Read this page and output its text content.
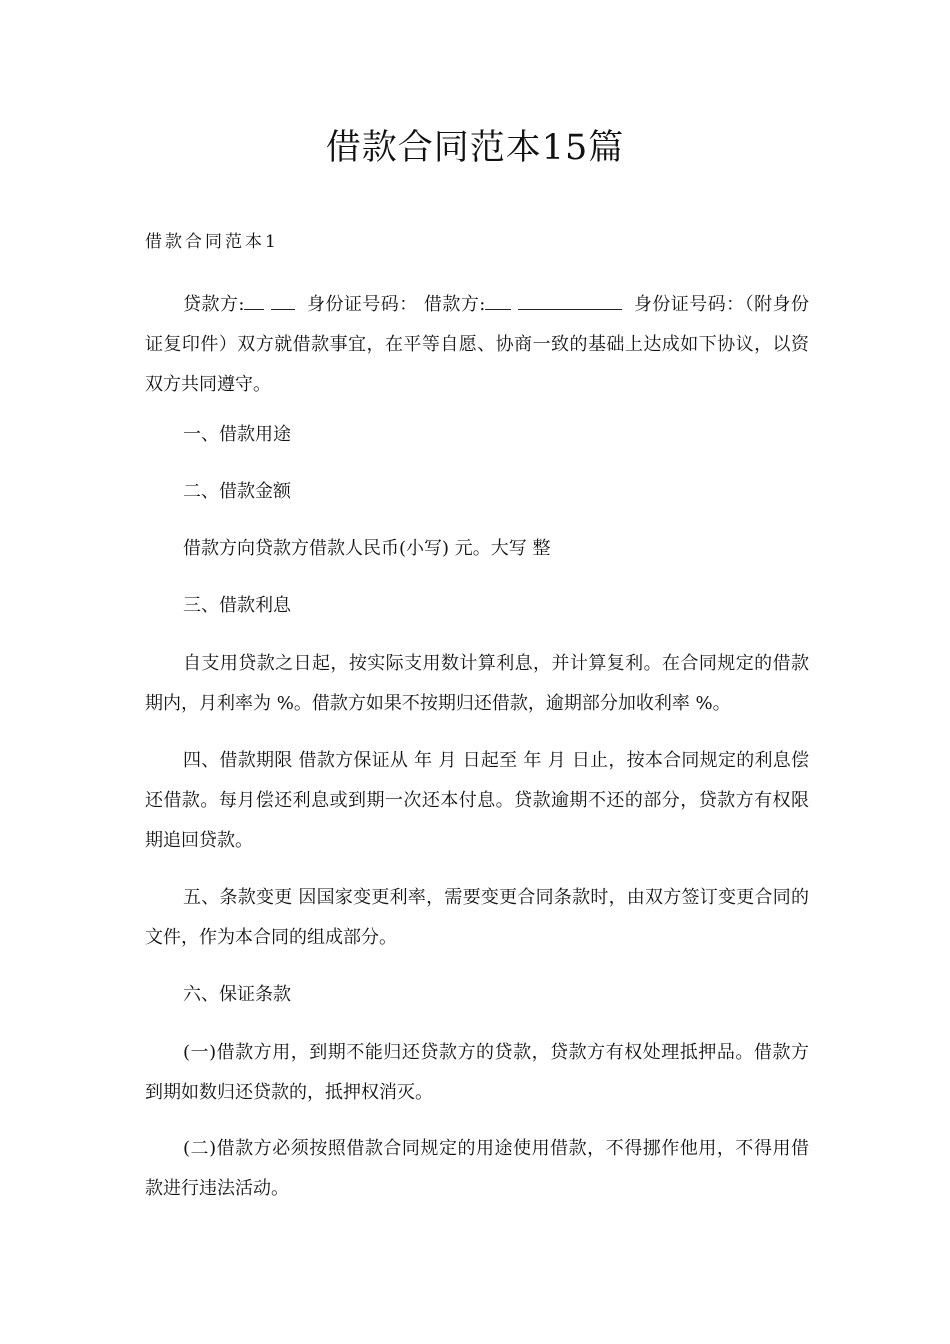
借款合同范本15篇

借款合同范本1

贷款方:	身份证号码： 借款方:	身份证号码：（附身份证复印件）双方就借款事宜，在平等自愿、协商一致的基础上达成如下协议，以资双方共同遵守。

一、借款用途

二、借款金额

借款方向贷款方借款人民币(小写) 元。大写 整

三、借款利息

自支用贷款之日起，按实际支用数计算利息，并计算复利。在合同规定的借款期内，月利率为 %。借款方如果不按期归还借款，逾期部分加收利率 %。

四、借款期限 借款方保证从 年 月 日起至 年 月 日止，按本合同规定的利息偿还借款。每月偿还利息或到期一次还本付息。贷款逾期不还的部分，贷款方有权限期追回贷款。

五、条款变更 因国家变更利率，需要变更合同条款时，由双方签订变更合同的文件，作为本合同的组成部分。

六、保证条款

(一)借款方用，到期不能归还贷款方的贷款，贷款方有权处理抵押品。借款方到期如数归还贷款的，抵押权消灭。

(二)借款方必须按照借款合同规定的用途使用借款，不得挪作他用，不得用借款进行违法活动。
